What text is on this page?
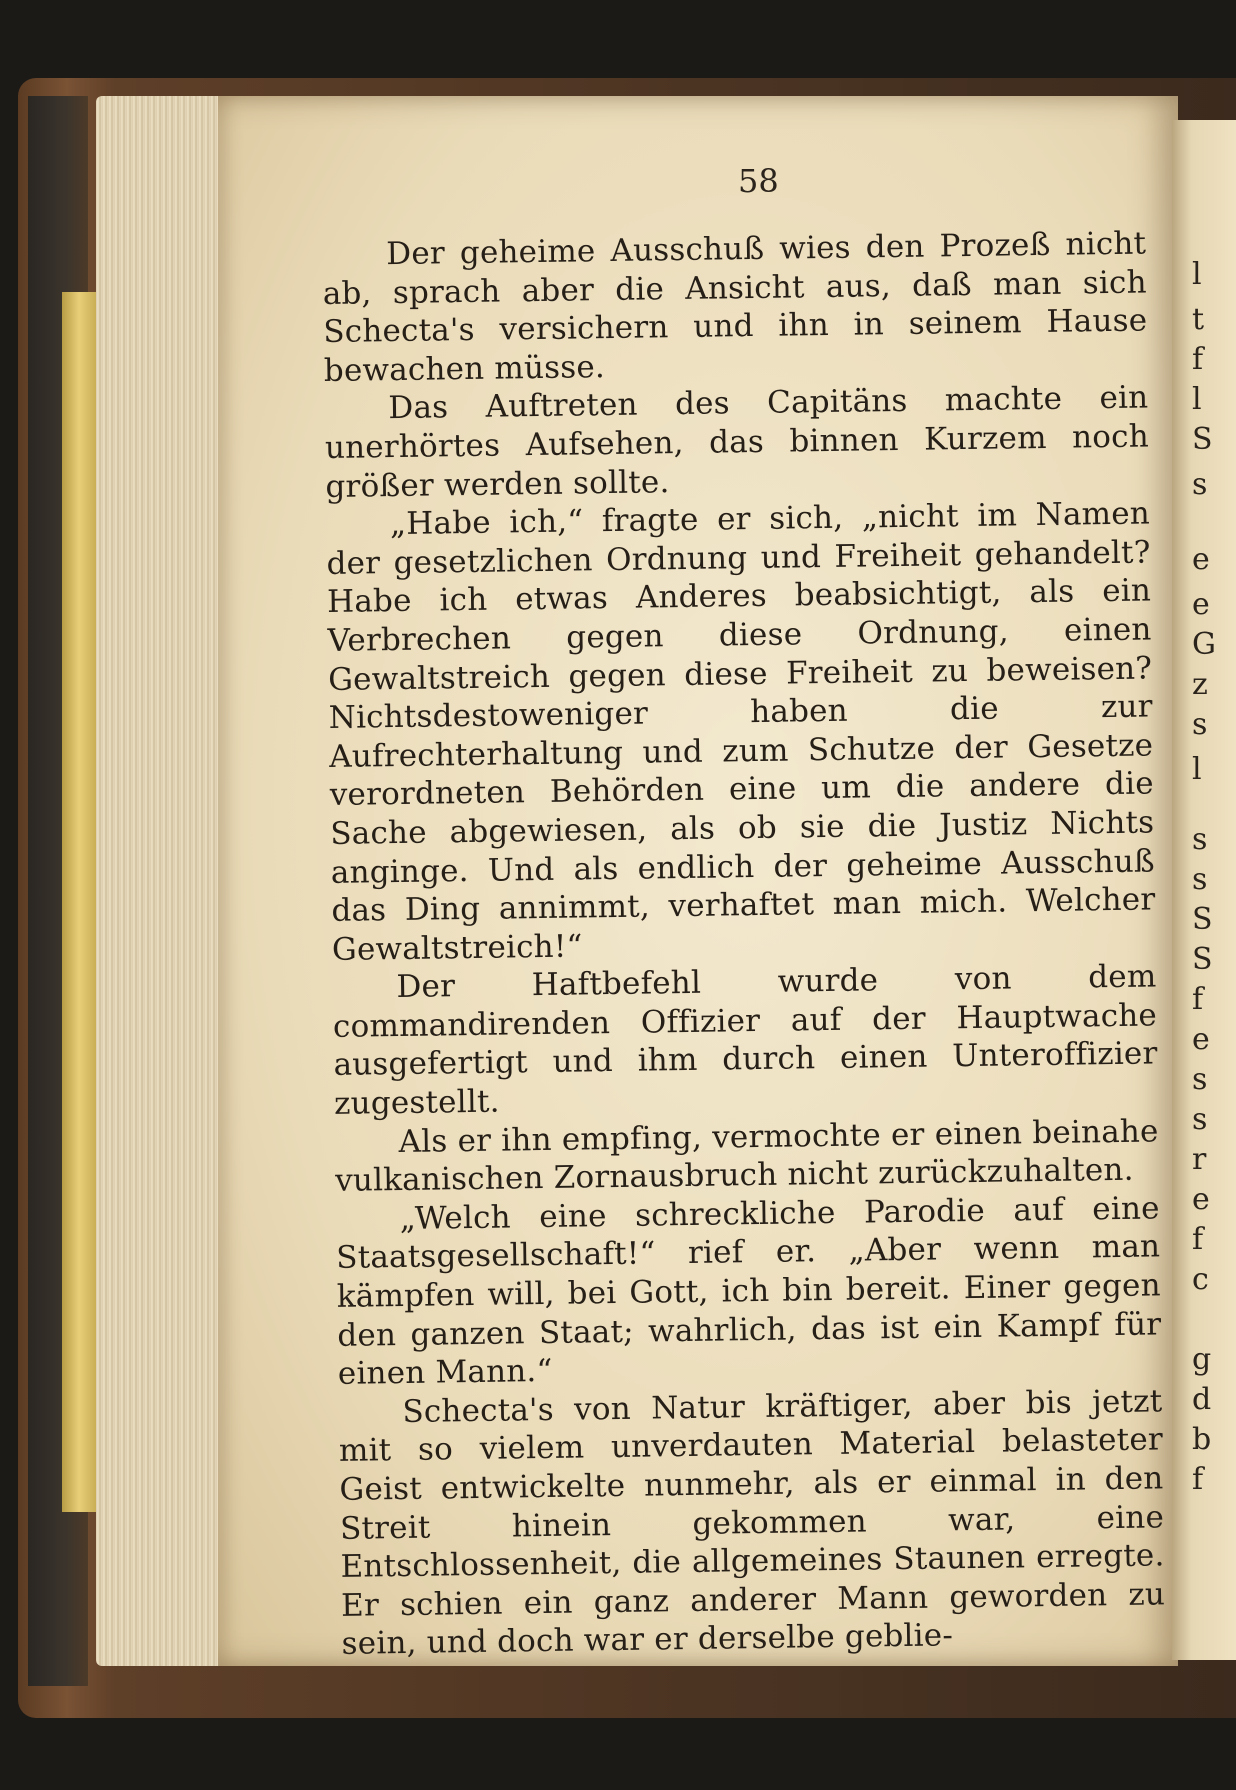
l
t
f
l
S
s
e
e
G
z
s
l
s
s
S
S
f
e
s
s
r
e
f
c
g
d
b
f
58

Der geheime Ausschuß wies den Prozeß nicht ab, sprach aber die Ansicht aus, daß man sich Schecta's versichern und ihn in seinem Hause bewachen müsse.

Das Auftreten des Capitäns machte ein unerhörtes Aufsehen, das binnen Kurzem noch größer werden sollte.

„Habe ich,“ fragte er sich, „nicht im Namen der gesetzlichen Ordnung und Freiheit gehandelt? Habe ich etwas Anderes beabsichtigt, als ein Verbrechen gegen diese Ordnung, einen Gewaltstreich gegen diese Freiheit zu beweisen? Nichtsdestoweniger haben die zur Aufrechterhaltung und zum Schutze der Gesetze verordneten Behörden eine um die andere die Sache abgewiesen, als ob sie die Justiz Nichts anginge. Und als endlich der geheime Ausschuß das Ding annimmt, verhaftet man mich. Welcher Gewaltstreich!“

Der Haftbefehl wurde von dem commandirenden Offizier auf der Hauptwache ausgefertigt und ihm durch einen Unteroffizier zugestellt.

Als er ihn empfing, vermochte er einen beinahe vulkanischen Zornausbruch nicht zurückzuhalten.

„Welch eine schreckliche Parodie auf eine Staatsgesellschaft!“ rief er. „Aber wenn man kämpfen will, bei Gott, ich bin bereit. Einer gegen den ganzen Staat; wahrlich, das ist ein Kampf für einen Mann.“

Schecta's von Natur kräftiger, aber bis jetzt mit so vielem unverdauten Material belasteter Geist entwickelte nunmehr, als er einmal in den Streit hinein gekommen war, eine Entschlossenheit, die allgemeines Staunen erregte. Er schien ein ganz anderer Mann geworden zu sein, und doch war er derselbe geblie-
